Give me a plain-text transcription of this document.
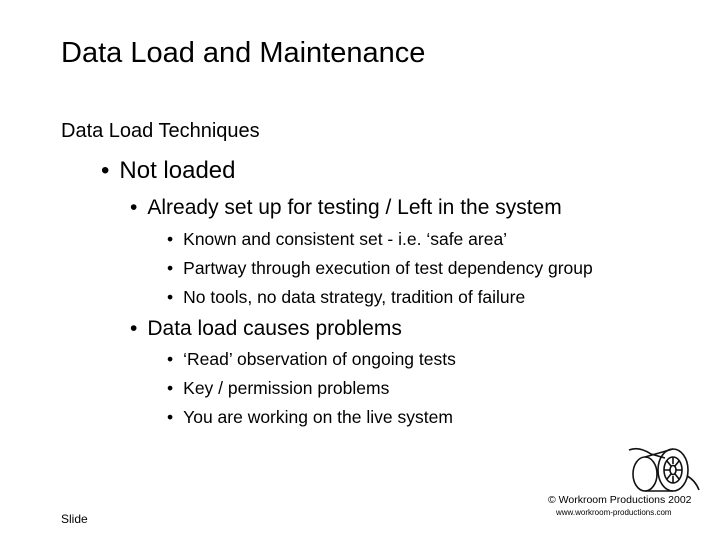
Data Load and Maintenance
Data Load Techniques
• Not loaded
• Already set up for testing / Left in the system
• Known and consistent set - i.e. ‘safe area’
• Partway through execution of test dependency group
• No tools, no data strategy, tradition of failure
• Data load causes problems
• ‘Read’ observation of ongoing tests
• Key / permission problems
• You are working on the live system
Slide
© Workroom Productions 2002
www.workroom-productions.com
